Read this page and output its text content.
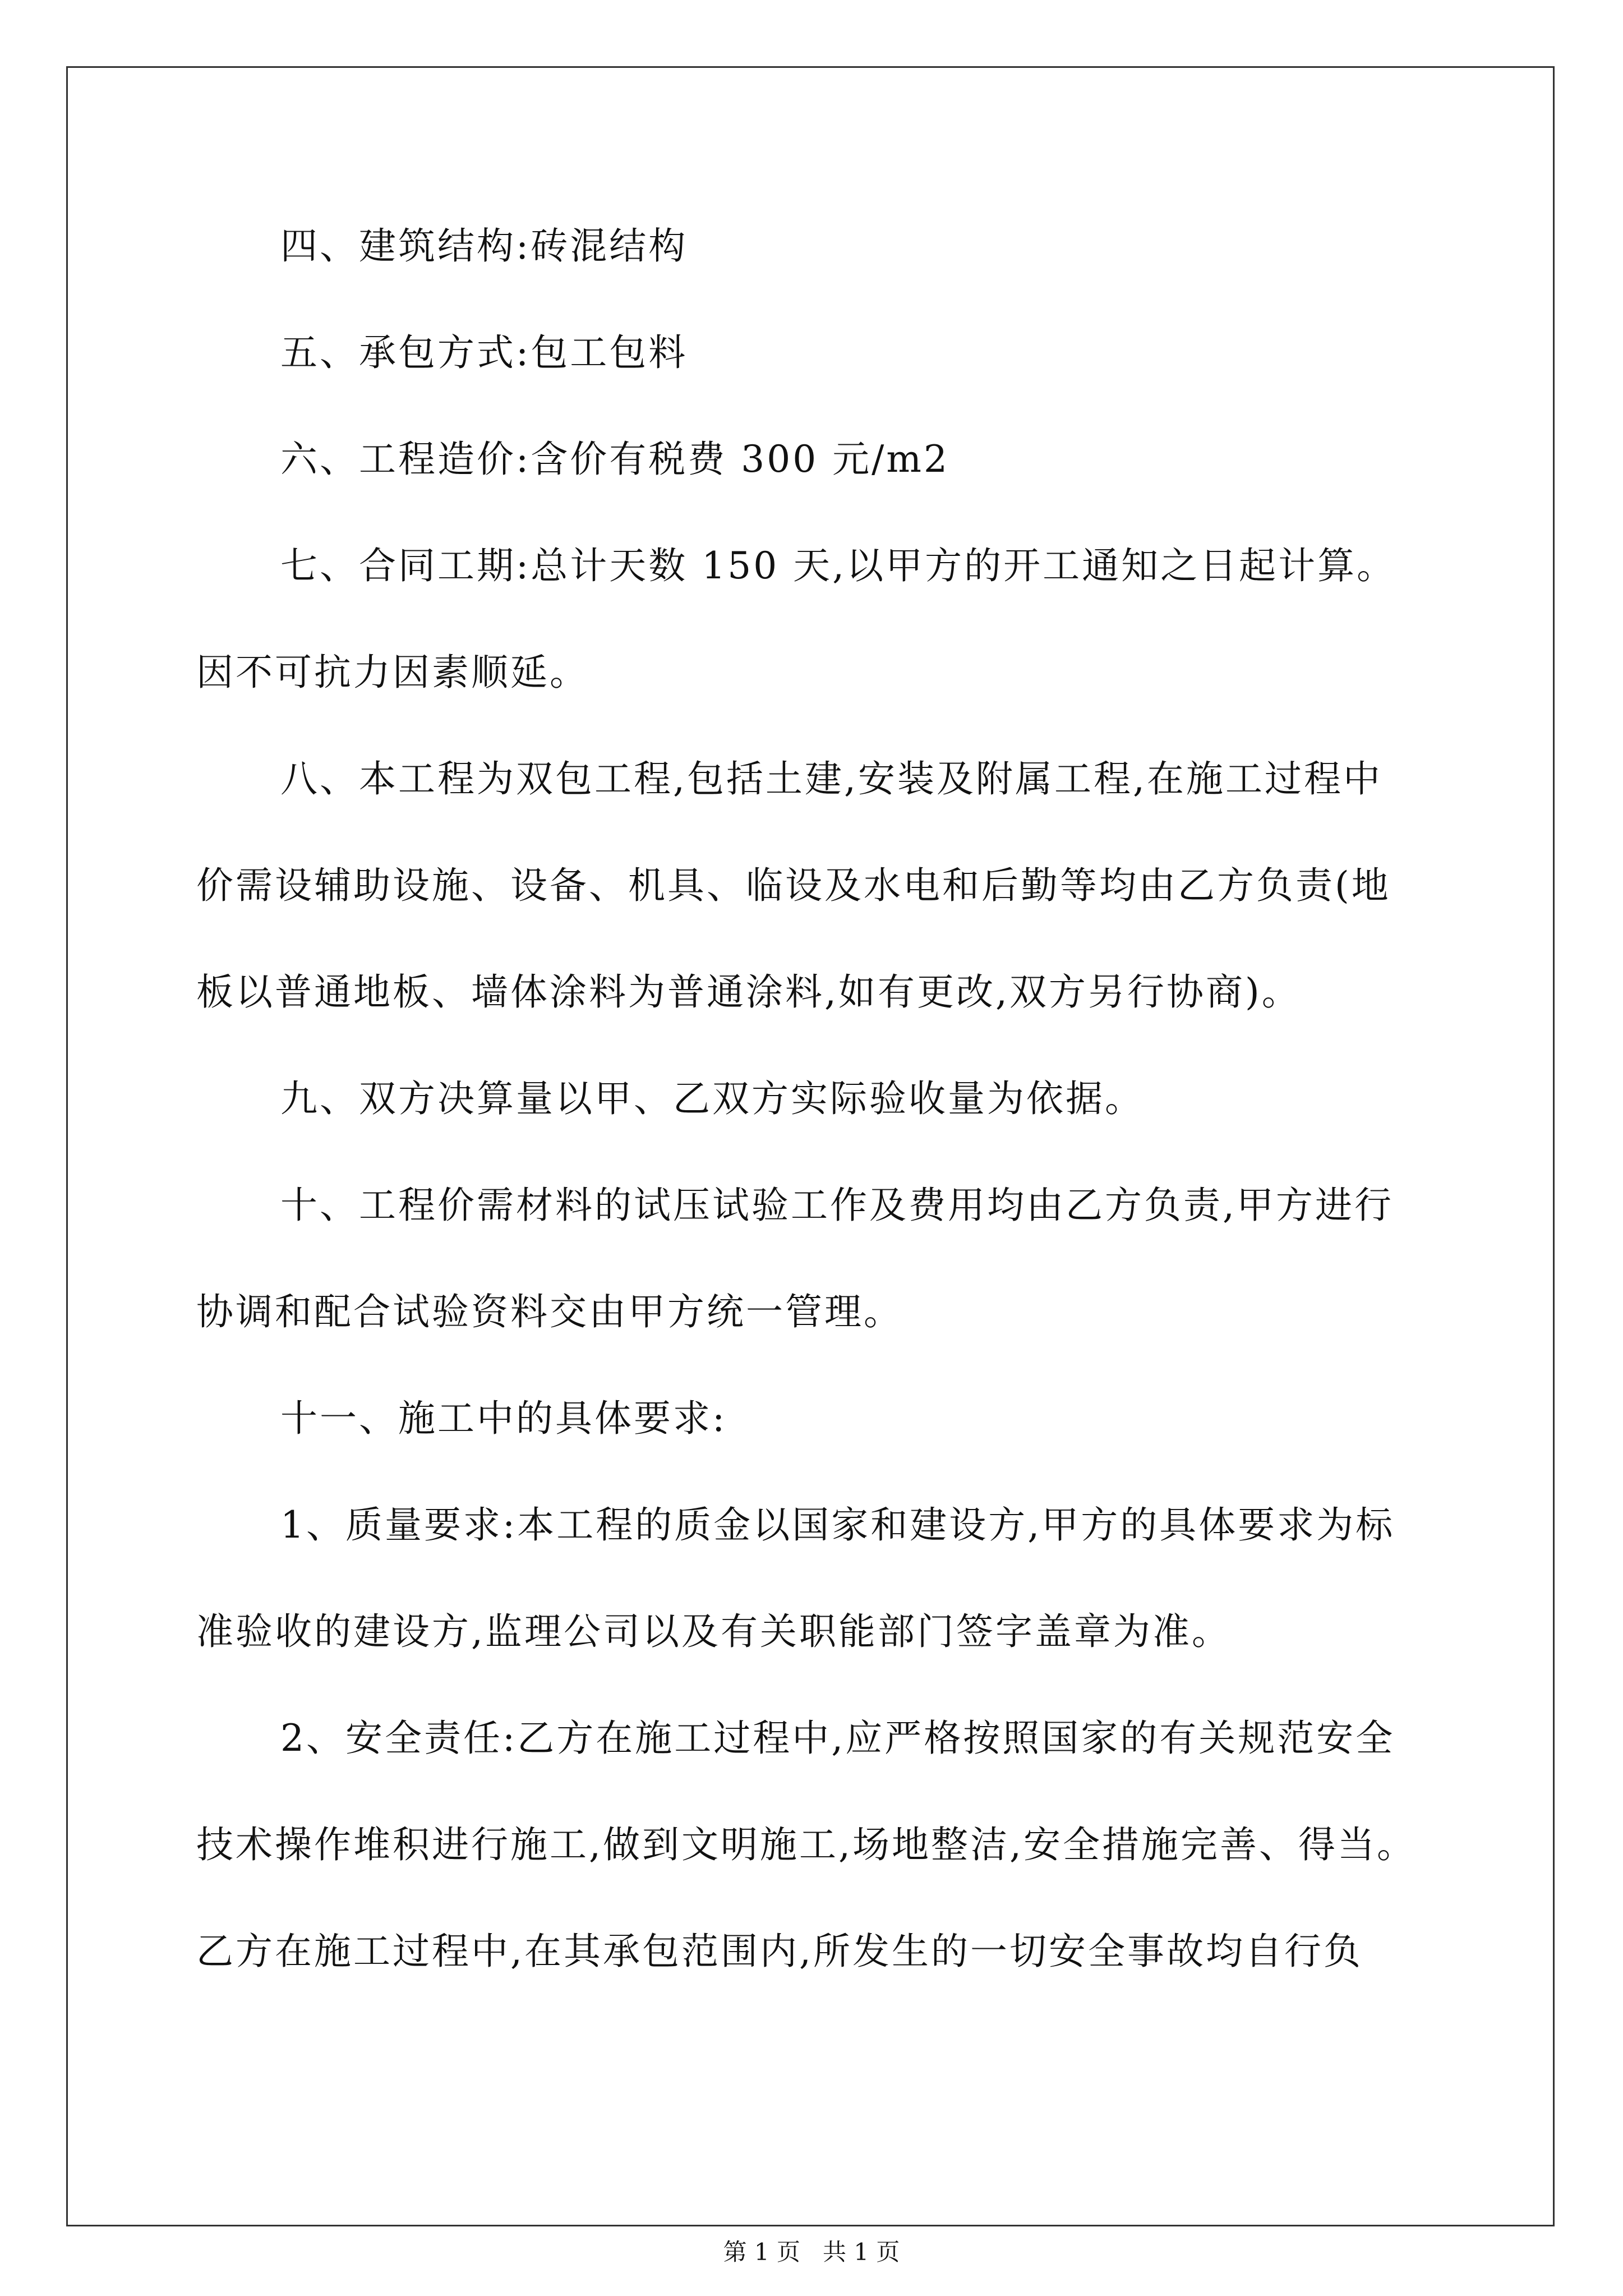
四、建筑结构:砖混结构
五、承包方式:包工包料
六、工程造价:含价有税费 300 元/m2
七、合同工期:总计天数 150 天,以甲方的开工通知之日起计算。
因不可抗力因素顺延。
八、本工程为双包工程,包括土建,安装及附属工程,在施工过程中
价需设辅助设施、设备、机具、临设及水电和后勤等均由乙方负责(地
板以普通地板、墙体涂料为普通涂料,如有更改,双方另行协商)。
九、双方决算量以甲、乙双方实际验收量为依据。
十、工程价需材料的试压试验工作及费用均由乙方负责,甲方进行
协调和配合试验资料交由甲方统一管理。
十一、施工中的具体要求:
1、质量要求:本工程的质金以国家和建设方,甲方的具体要求为标
准验收的建设方,监理公司以及有关职能部门签字盖章为准。
2、安全责任:乙方在施工过程中,应严格按照国家的有关规范安全
技术操作堆积进行施工,做到文明施工,场地整洁,安全措施完善、得当。
乙方在施工过程中,在其承包范围内,所发生的一切安全事故均自行负
第 1 页 共 1 页
